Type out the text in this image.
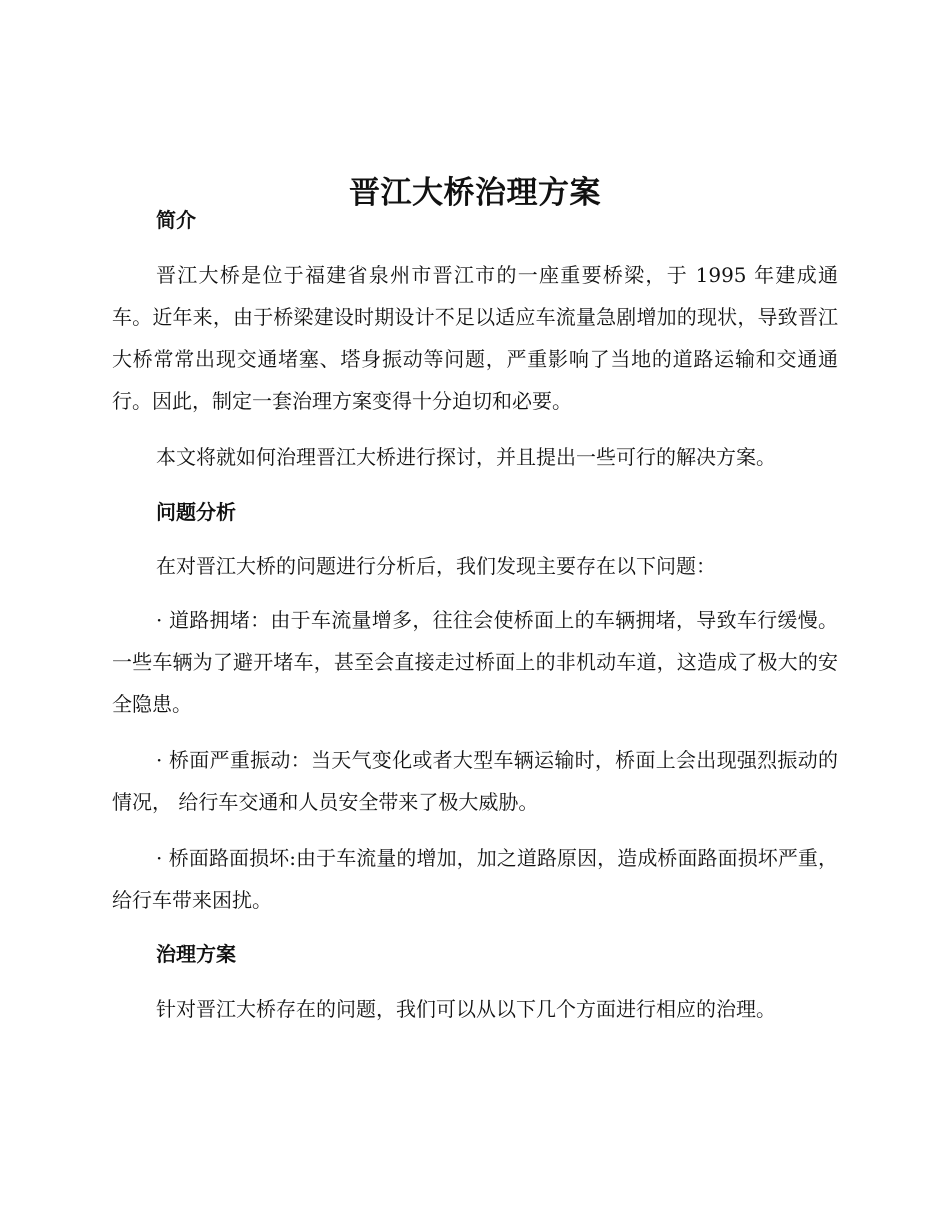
晋江大桥治理方案
简介

晋江大桥是位于福建省泉州市晋江市的一座重要桥梁，于 1995 年建成通车。近年来，由于桥梁建设时期设计不足以适应车流量急剧增加的现状，导致晋江大桥常常出现交通堵塞、塔身振动等问题，严重影响了当地的道路运输和交通通行。因此，制定一套治理方案变得十分迫切和必要。

本文将就如何治理晋江大桥进行探讨，并且提出一些可行的解决方案。

问题分析

在对晋江大桥的问题进行分析后，我们发现主要存在以下问题：

· 道路拥堵：由于车流量增多，往往会使桥面上的车辆拥堵，导致车行缓慢。一些车辆为了避开堵车，甚至会直接走过桥面上的非机动车道，这造成了极大的安全隐患。

· 桥面严重振动：当天气变化或者大型车辆运输时，桥面上会出现强烈振动的情况， 给行车交通和人员安全带来了极大威胁。

· 桥面路面损坏:由于车流量的增加，加之道路原因，造成桥面路面损坏严重，给行车带来困扰。

治理方案

针对晋江大桥存在的问题，我们可以从以下几个方面进行相应的治理。
